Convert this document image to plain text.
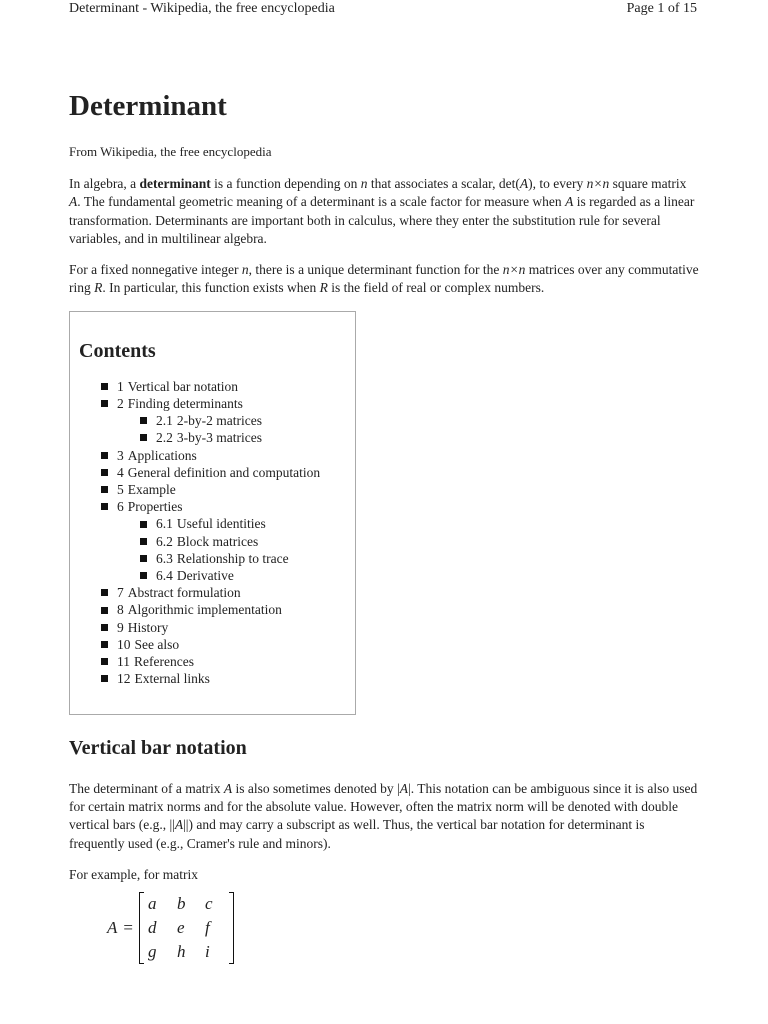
Determinant - Wikipedia, the free encyclopedia	Page 1 of 15
Determinant
From Wikipedia, the free encyclopedia

In algebra, a determinant is a function depending on n that associates a scalar, det(A), to every n×n square matrix A. The fundamental geometric meaning of a determinant is a scale factor for measure when A is regarded as a linear transformation. Determinants are important both in calculus, where they enter the substitution rule for several variables, and in multilinear algebra.

For a fixed nonnegative integer n, there is a unique determinant function for the n×n matrices over any commutative ring R. In particular, this function exists when R is the field of real or complex numbers.

Contents
1 Vertical bar notation
2 Finding determinants
2.1 2-by-2 matrices
2.2 3-by-3 matrices
3 Applications
4 General definition and computation
5 Example
6 Properties
6.1 Useful identities
6.2 Block matrices
6.3 Relationship to trace
6.4 Derivative
7 Abstract formulation
8 Algorithmic implementation
9 History
10 See also
11 References
12 External links
Vertical bar notation

The determinant of a matrix A is also sometimes denoted by |A|. This notation can be ambiguous since it is also used for certain matrix norms and for the absolute value. However, often the matrix norm will be denoted with double vertical bars (e.g., ||A||) and may carry a subscript as well. Thus, the vertical bar notation for determinant is frequently used (e.g., Cramer's rule and minors).

For example, for matrix

A =
a	b	c
d	e	f
g	h	i
